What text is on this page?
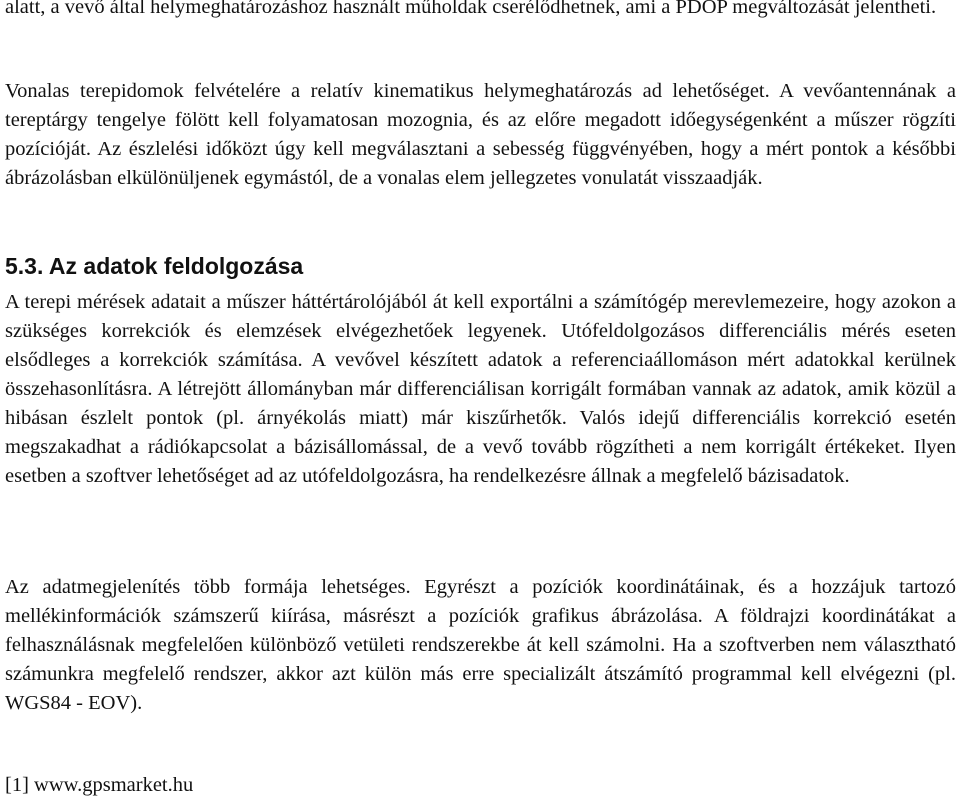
alatt, a vevő által helymeghatározáshoz használt műholdak cserélődhetnek, ami a PDOP megváltozását jelentheti.

Vonalas terepidomok felvételére a relatív kinematikus helymeghatározás ad lehetőséget. A vevőantennának a tereptárgy tengelye fölött kell folyamatosan mozognia, és az előre megadott időegységenként a műszer rögzíti pozícióját. Az észlelési időközt úgy kell megválasztani a sebesség függvényében, hogy a mért pontok a későbbi ábrázolásban elkülönüljenek egymástól, de a vonalas elem jellegzetes vonulatát visszaadják.

5.3. Az adatok feldolgozása

A terepi mérések adatait a műszer háttértárolójából át kell exportálni a számítógép merevlemezeire, hogy azokon a szükséges korrekciók és elemzések elvégezhetőek legyenek. Utófeldolgozásos differenciális mérés eseten elsődleges a korrekciók számítása. A vevővel készített adatok a referenciaállomáson mért adatokkal kerülnek összehasonlításra. A létrejött állományban már differenciálisan korrigált formában vannak az adatok, amik közül a hibásan észlelt pontok (pl. árnyékolás miatt) már kiszűrhetők. Valós idejű differenciális korrekció esetén megszakadhat a rádiókapcsolat a bázisállomással, de a vevő tovább rögzítheti a nem korrigált értékeket. Ilyen esetben a szoftver lehetőséget ad az utófeldolgozásra, ha rendelkezésre állnak a megfelelő bázisadatok.

Az adatmegjelenítés több formája lehetséges. Egyrészt a pozíciók koordinátáinak, és a hozzájuk tartozó mellékinformációk számszerű kiírása, másrészt a pozíciók grafikus ábrázolása. A földrajzi koordinátákat a felhasználásnak megfelelően különböző vetületi rendszerekbe át kell számolni. Ha a szoftverben nem választható számunkra megfelelő rendszer, akkor azt külön más erre specializált átszámító programmal kell elvégezni (pl. WGS84 - EOV).

[1] www.gpsmarket.hu
